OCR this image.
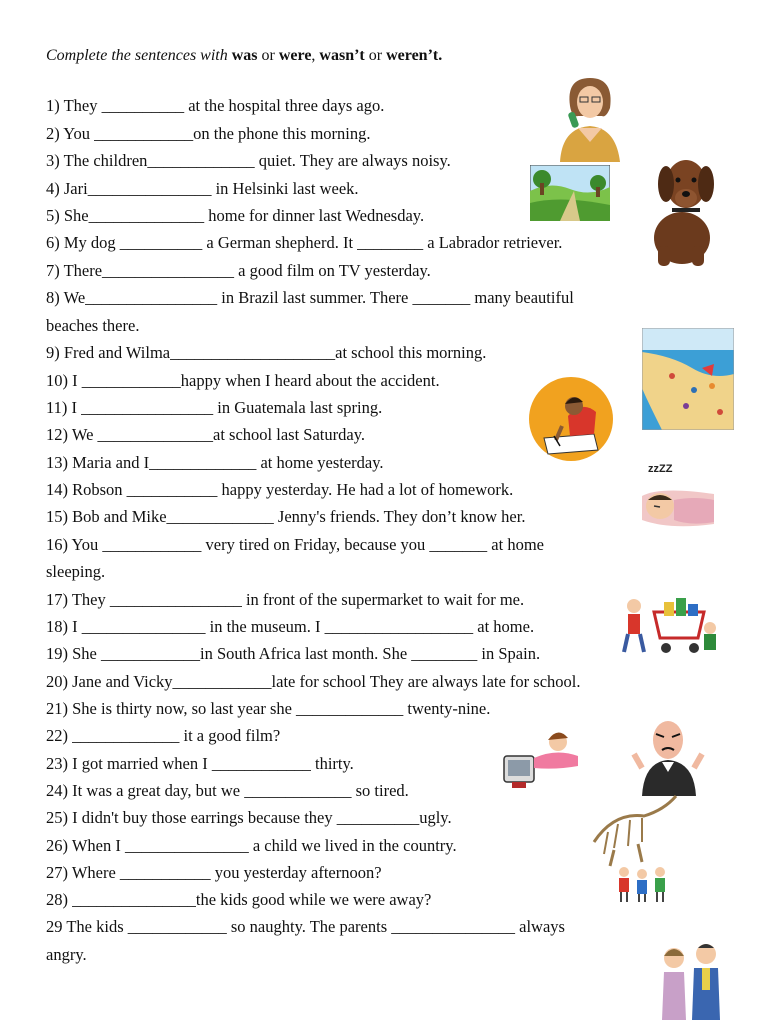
Complete the sentences with was or were, wasn’t or weren’t.
1) They __________ at the hospital three days ago.
2) You ____________on the phone this morning.
3) The children_____________ quiet. They are always noisy.
4) Jari_______________ in Helsinki last week.
5) She______________ home for dinner last Wednesday.
6) My dog __________ a German shepherd. It ________ a Labrador retriever.
7) There________________ a good film on TV yesterday.
8) We________________ in Brazil last summer. There _______ many beautiful
beaches there.
9) Fred and Wilma____________________at school this morning.
10) I ____________happy when I heard about the accident.
11) I ________________ in Guatemala last spring.
12) We ______________at school last Saturday.
13) Maria and I_____________ at home yesterday.
14) Robson ___________ happy yesterday. He had a lot of homework.
15) Bob and Mike_____________ Jenny's friends. They don’t know her.
16) You ____________ very tired on Friday, because you _______ at home
sleeping.
17) They ________________ in front of the supermarket to wait for me.
18) I _______________ in the museum. I __________________ at home.
19) She ____________in South Africa last month. She ________ in Spain.
20) Jane and Vicky____________late for school They are always late for school.
21) She is thirty now, so last year she _____________ twenty-nine.
22) _____________ it a good film?
23) I got married when I ____________ thirty.
24) It was a great day, but we _____________ so tired.
25) I didn't buy those earrings because they __________ugly.
26) When I _______________ a child we lived in the country.
27) Where ___________ you yesterday afternoon?
28) _______________the kids good while we were away?
29 The kids ____________ so naughty. The parents _______________ always
angry.
zzZZ
